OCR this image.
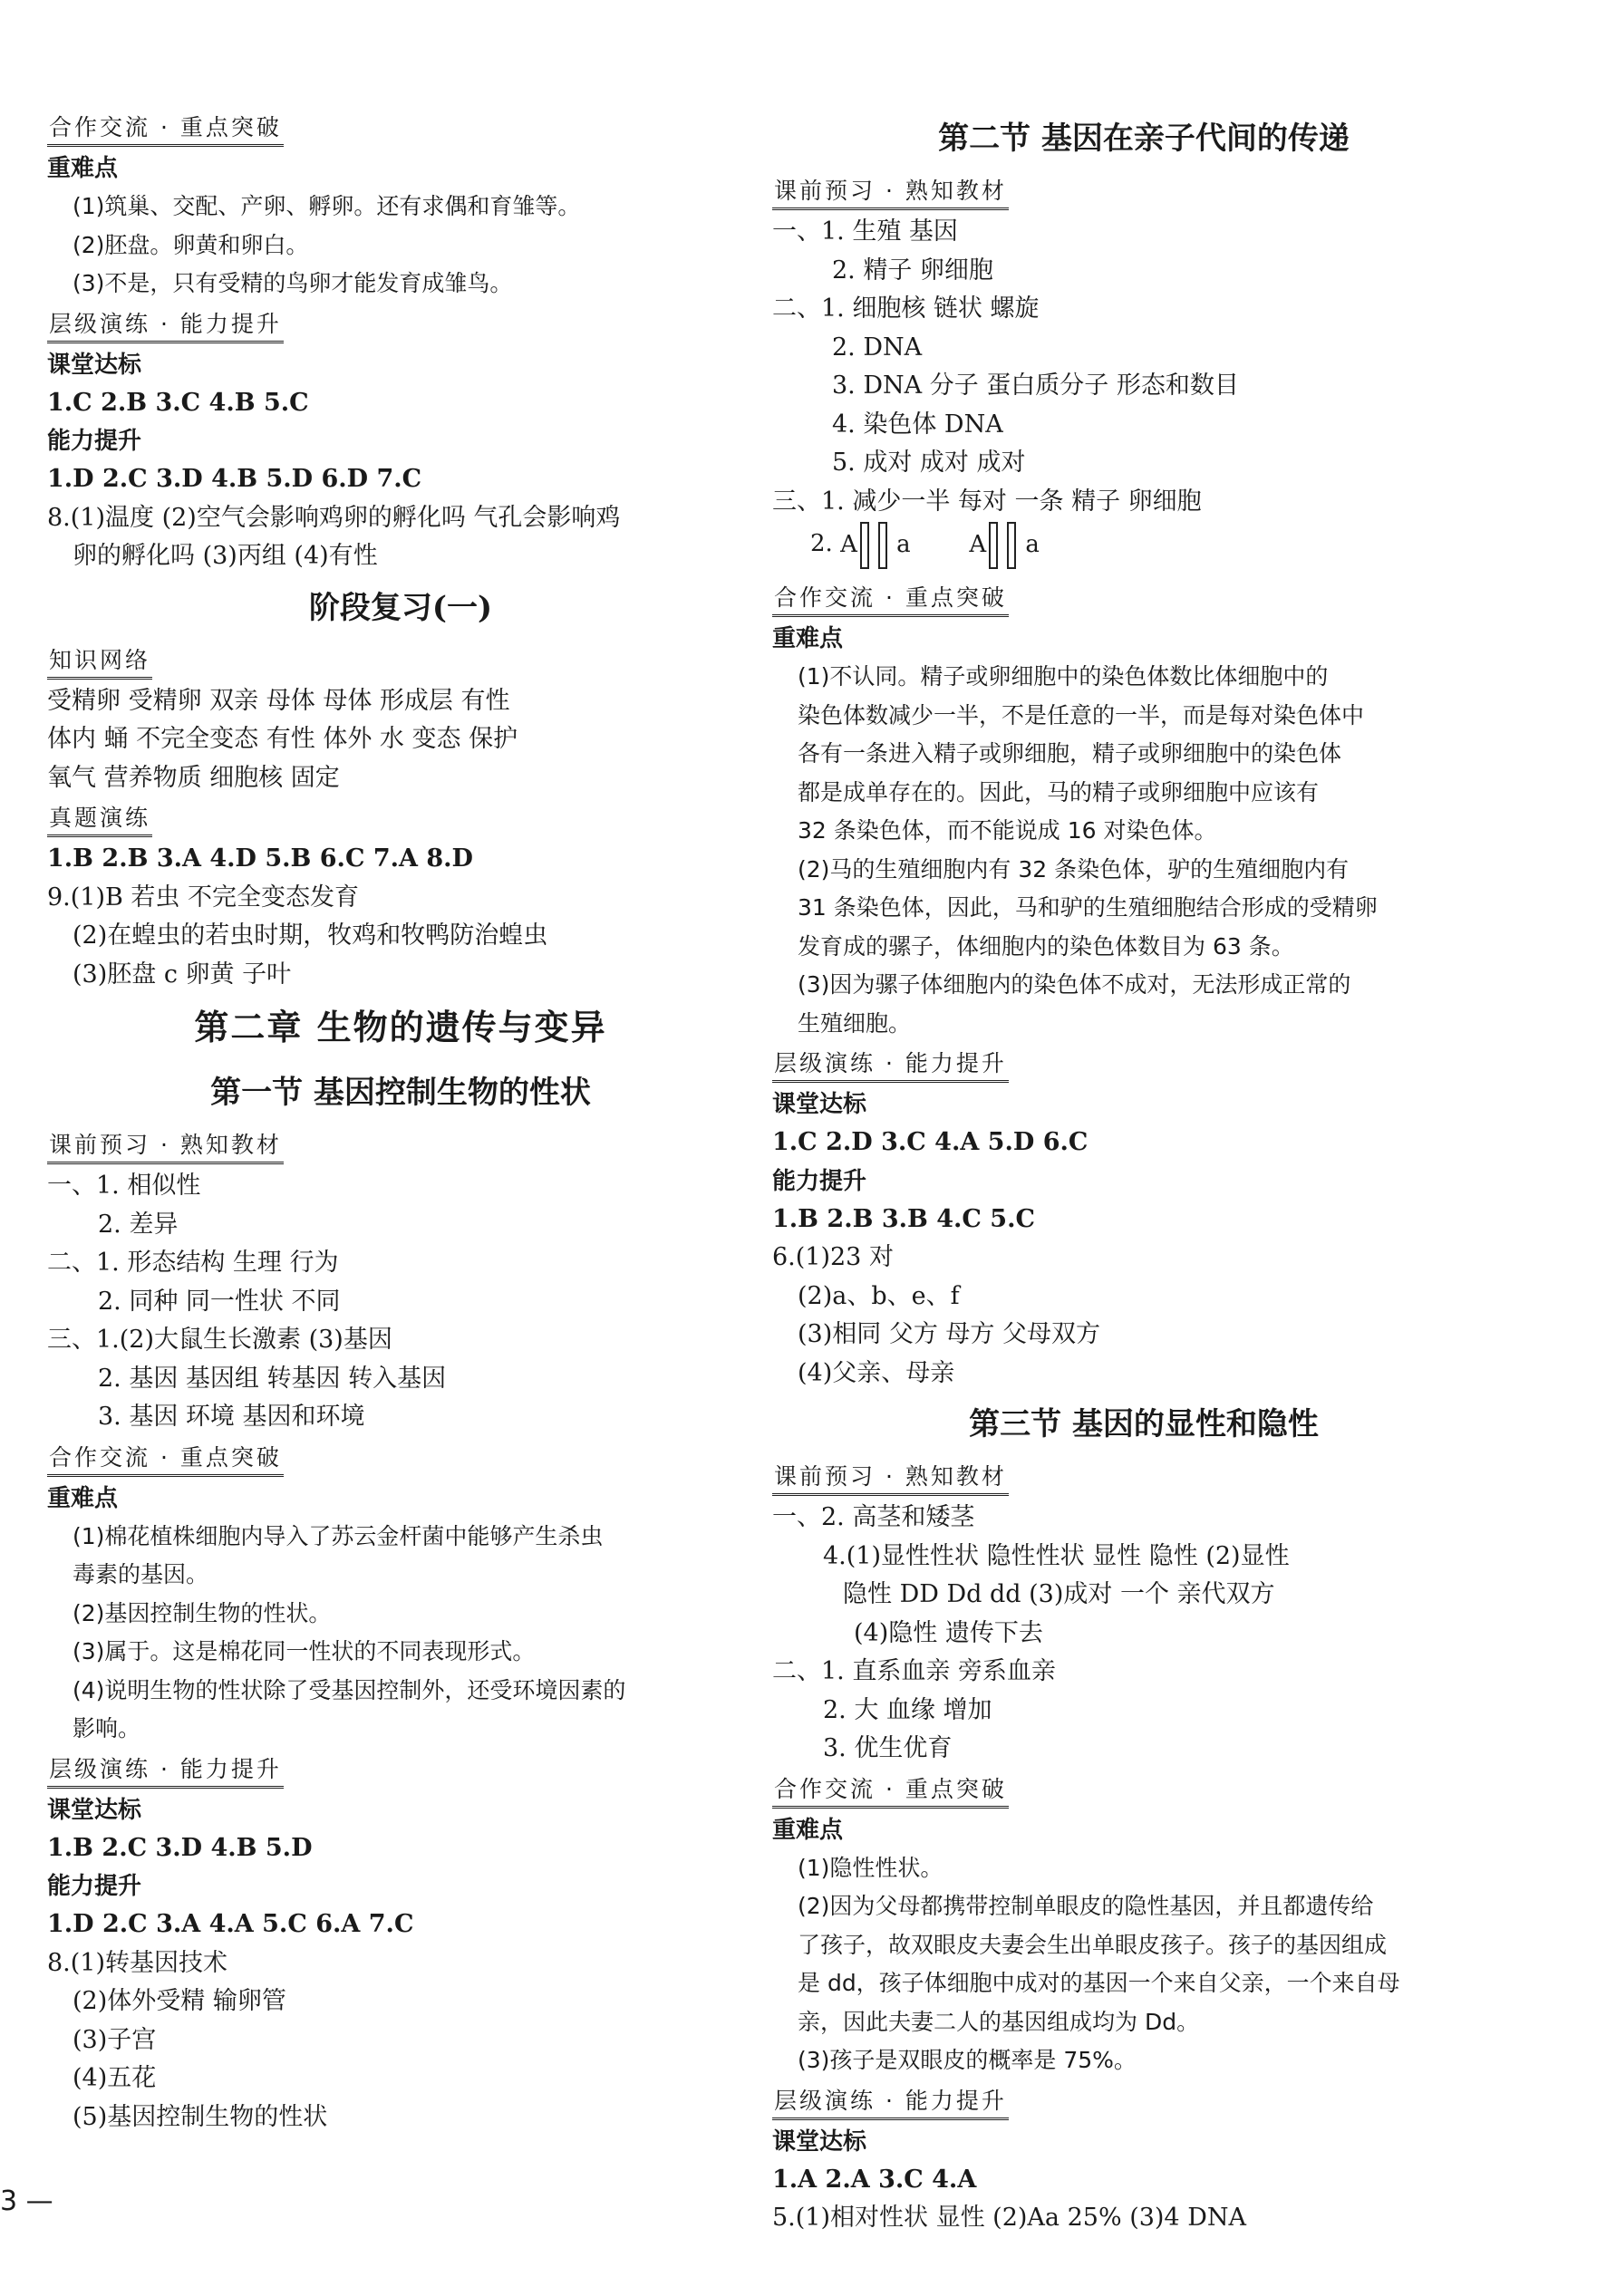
合作交流 · 重点突破
重难点
(1)筑巢、交配、产卵、孵卵。还有求偶和育雏等。
(2)胚盘。卵黄和卵白。
(3)不是，只有受精的鸟卵才能发育成雏鸟。
层级演练 · 能力提升
课堂达标
1.C 2.B 3.C 4.B 5.C
能力提升
1.D 2.C 3.D 4.B 5.D 6.D 7.C
8.(1)温度 (2)空气会影响鸡卵的孵化吗 气孔会影响鸡
卵的孵化吗 (3)丙组 (4)有性
阶段复习(一)
知识网络
受精卵 受精卵 双亲 母体 母体 形成层 有性
体内 蛹 不完全变态 有性 体外 水 变态 保护
氧气 营养物质 细胞核 固定
真题演练
1.B 2.B 3.A 4.D 5.B 6.C 7.A 8.D
9.(1)B 若虫 不完全变态发育
(2)在蝗虫的若虫时期，牧鸡和牧鸭防治蝗虫
(3)胚盘 c 卵黄 子叶
第二章 生物的遗传与变异
第一节 基因控制生物的性状
课前预习 · 熟知教材
一、1. 相似性
2. 差异
二、1. 形态结构 生理 行为
2. 同种 同一性状 不同
三、1.(2)大鼠生长激素 (3)基因
2. 基因 基因组 转基因 转入基因
3. 基因 环境 基因和环境
合作交流 · 重点突破
重难点
(1)棉花植株细胞内导入了苏云金杆菌中能够产生杀虫
毒素的基因。
(2)基因控制生物的性状。
(3)属于。这是棉花同一性状的不同表现形式。
(4)说明生物的性状除了受基因控制外，还受环境因素的
影响。
层级演练 · 能力提升
课堂达标
1.B 2.C 3.D 4.B 5.D
能力提升
1.D 2.C 3.A 4.A 5.C 6.A 7.C
8.(1)转基因技术
(2)体外受精 输卵管
(3)子宫
(4)五花
(5)基因控制生物的性状
第二节 基因在亲子代间的传递
课前预习 · 熟知教材
一、1. 生殖 基因
2. 精子 卵细胞
二、1. 细胞核 链状 螺旋
2. DNA
3. DNA 分子 蛋白质分子 形态和数目
4. 染色体 DNA
5. 成对 成对 成对
三、1. 减少一半 每对 一条 精子 卵细胞
2. A a
A a
合作交流 · 重点突破
重难点
(1)不认同。精子或卵细胞中的染色体数比体细胞中的
染色体数减少一半，不是任意的一半，而是每对染色体中
各有一条进入精子或卵细胞，精子或卵细胞中的染色体
都是成单存在的。因此，马的精子或卵细胞中应该有
32 条染色体，而不能说成 16 对染色体。
(2)马的生殖细胞内有 32 条染色体，驴的生殖细胞内有
31 条染色体，因此，马和驴的生殖细胞结合形成的受精卵
发育成的骡子，体细胞内的染色体数目为 63 条。
(3)因为骡子体细胞内的染色体不成对，无法形成正常的
生殖细胞。
层级演练 · 能力提升
课堂达标
1.C 2.D 3.C 4.A 5.D 6.C
能力提升
1.B 2.B 3.B 4.C 5.C
6.(1)23 对
(2)a、b、e、f
(3)相同 父方 母方 父母双方
(4)父亲、母亲
第三节 基因的显性和隐性
课前预习 · 熟知教材
一、2. 高茎和矮茎
4.(1)显性性状 隐性性状 显性 隐性 (2)显性
隐性 DD Dd dd (3)成对 一个 亲代双方
(4)隐性 遗传下去
二、1. 直系血亲 旁系血亲
2. 大 血缘 增加
3. 优生优育
合作交流 · 重点突破
重难点
(1)隐性性状。
(2)因为父母都携带控制单眼皮的隐性基因，并且都遗传给
了孩子，故双眼皮夫妻会生出单眼皮孩子。孩子的基因组成
是 dd，孩子体细胞中成对的基因一个来自父亲，一个来自母
亲，因此夫妻二人的基因组成均为 Dd。
(3)孩子是双眼皮的概率是 75%。
层级演练 · 能力提升
课堂达标
1.A 2.A 3.C 4.A
5.(1)相对性状 显性 (2)Aa 25% (3)4 DNA
3 —
